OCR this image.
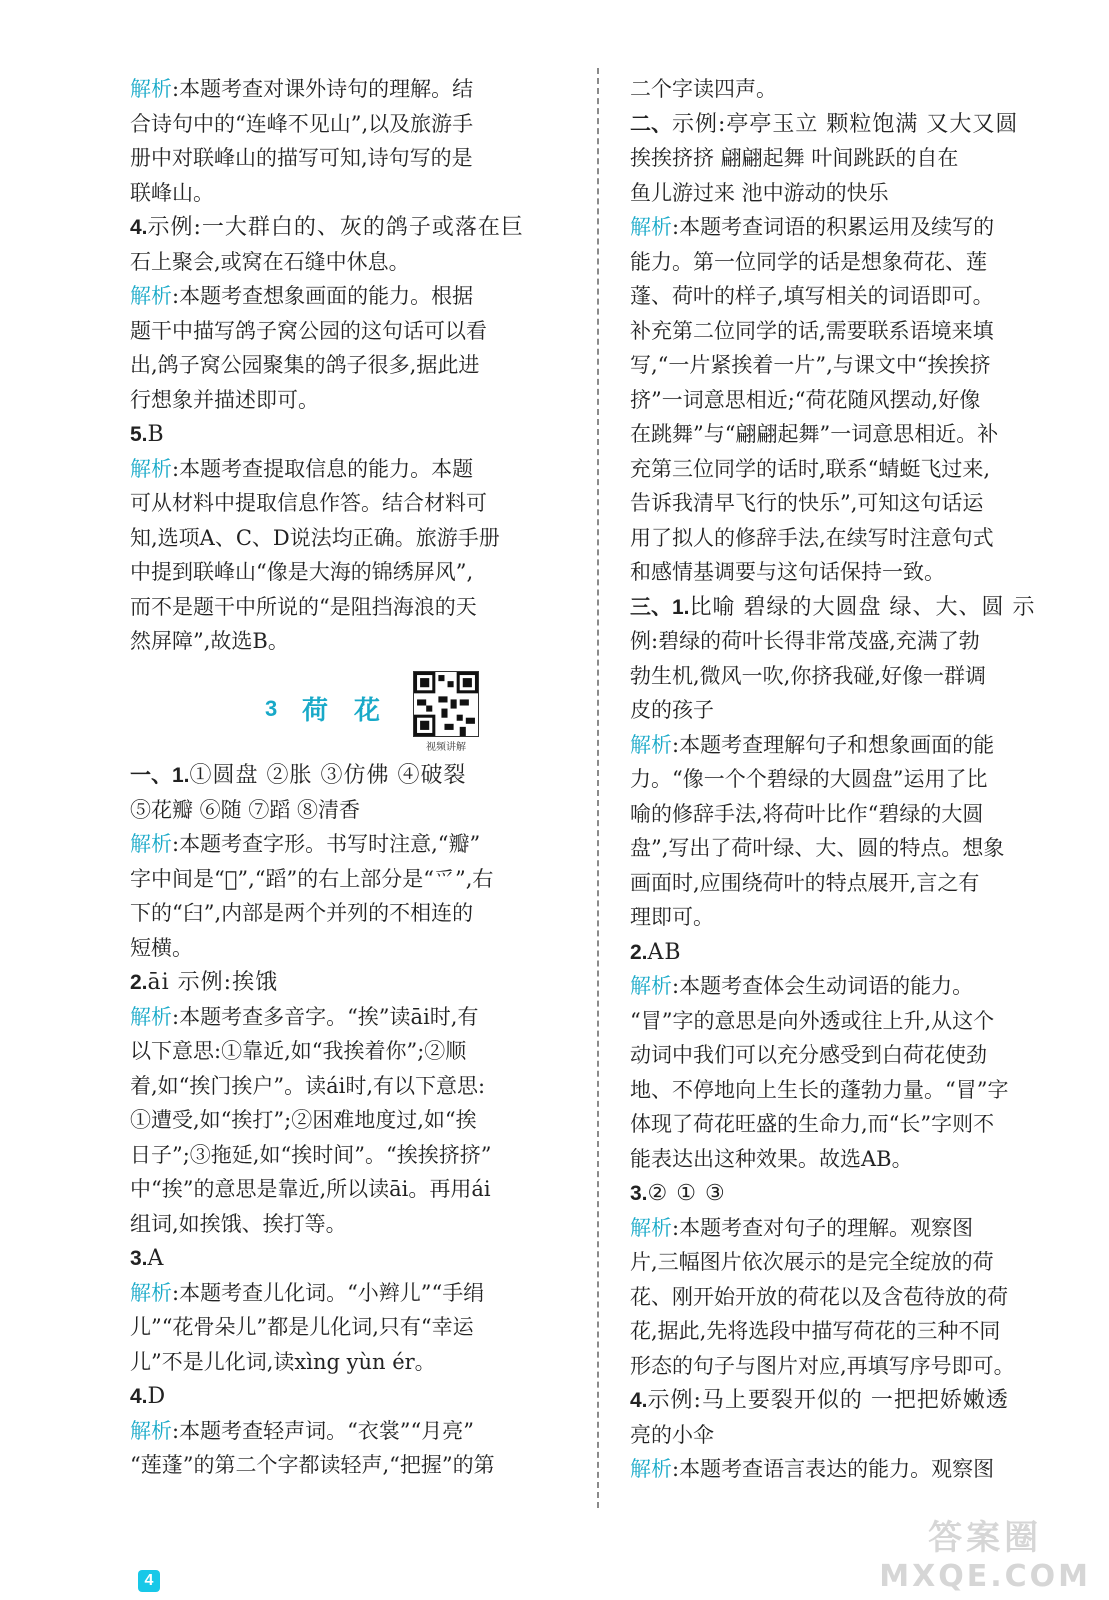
解析:本题考查对课外诗句的理解。结
合诗句中的“连峰不见山”,以及旅游手
册中对联峰山的描写可知,诗句写的是
联峰山。
4.示例:一大群白的、灰的鸽子或落在巨
石上聚会,或窝在石缝中休息。
解析:本题考查想象画面的能力。根据
题干中描写鸽子窝公园的这句话可以看
出,鸽子窝公园聚集的鸽子很多,据此进
行想象并描述即可。
5.B
解析:本题考查提取信息的能力。本题
可从材料中提取信息作答。结合材料可
知,选项A、C、D说法均正确。旅游手册
中提到联峰山“像是大海的锦绣屏风”,
而不是题干中所说的“是阻挡海浪的天
然屏障”,故选B。
3 荷花
视频讲解
一、1.①圆盘 ②胀 ③仿佛 ④破裂
⑤花瓣 ⑥随 ⑦蹈 ⑧清香
解析:本题考查字形。书写时注意,“瓣”
字中间是“𤓰”,“蹈”的右上部分是“爫”,右
下的“臼”,内部是两个并列的不相连的
短横。
2.āi 示例:挨饿
解析:本题考查多音字。“挨”读āi时,有
以下意思:①靠近,如“我挨着你”;②顺
着,如“挨门挨户”。读ái时,有以下意思:
①遭受,如“挨打”;②困难地度过,如“挨
日子”;③拖延,如“挨时间”。“挨挨挤挤”
中“挨”的意思是靠近,所以读āi。再用ái
组词,如挨饿、挨打等。
3.A
解析:本题考查儿化词。“小辫儿”“手绢
儿”“花骨朵儿”都是儿化词,只有“幸运
儿”不是儿化词,读xìng yùn ér。
4.D
解析:本题考查轻声词。“衣裳”“月亮”
“莲蓬”的第二个字都读轻声,“把握”的第
二个字读四声。
二、示例:亭亭玉立 颗粒饱满 又大又圆
挨挨挤挤 翩翩起舞 叶间跳跃的自在
鱼儿游过来 池中游动的快乐
解析:本题考查词语的积累运用及续写的
能力。第一位同学的话是想象荷花、莲
蓬、荷叶的样子,填写相关的词语即可。
补充第二位同学的话,需要联系语境来填
写,“一片紧挨着一片”,与课文中“挨挨挤
挤”一词意思相近;“荷花随风摆动,好像
在跳舞”与“翩翩起舞”一词意思相近。补
充第三位同学的话时,联系“蜻蜓飞过来,
告诉我清早飞行的快乐”,可知这句话运
用了拟人的修辞手法,在续写时注意句式
和感情基调要与这句话保持一致。
三、1.比喻 碧绿的大圆盘 绿、大、圆 示
例:碧绿的荷叶长得非常茂盛,充满了勃
勃生机,微风一吹,你挤我碰,好像一群调
皮的孩子
解析:本题考查理解句子和想象画面的能
力。“像一个个碧绿的大圆盘”运用了比
喻的修辞手法,将荷叶比作“碧绿的大圆
盘”,写出了荷叶绿、大、圆的特点。想象
画面时,应围绕荷叶的特点展开,言之有
理即可。
2.AB
解析:本题考查体会生动词语的能力。
“冒”字的意思是向外透或往上升,从这个
动词中我们可以充分感受到白荷花使劲
地、不停地向上生长的蓬勃力量。“冒”字
体现了荷花旺盛的生命力,而“长”字则不
能表达出这种效果。故选AB。
3.② ① ③
解析:本题考查对句子的理解。观察图
片,三幅图片依次展示的是完全绽放的荷
花、刚开始开放的荷花以及含苞待放的荷
花,据此,先将选段中描写荷花的三种不同
形态的句子与图片对应,再填写序号即可。
4.示例:马上要裂开似的 一把把娇嫩透
亮的小伞
解析:本题考查语言表达的能力。观察图
4
答案圈
MXQE.COM
